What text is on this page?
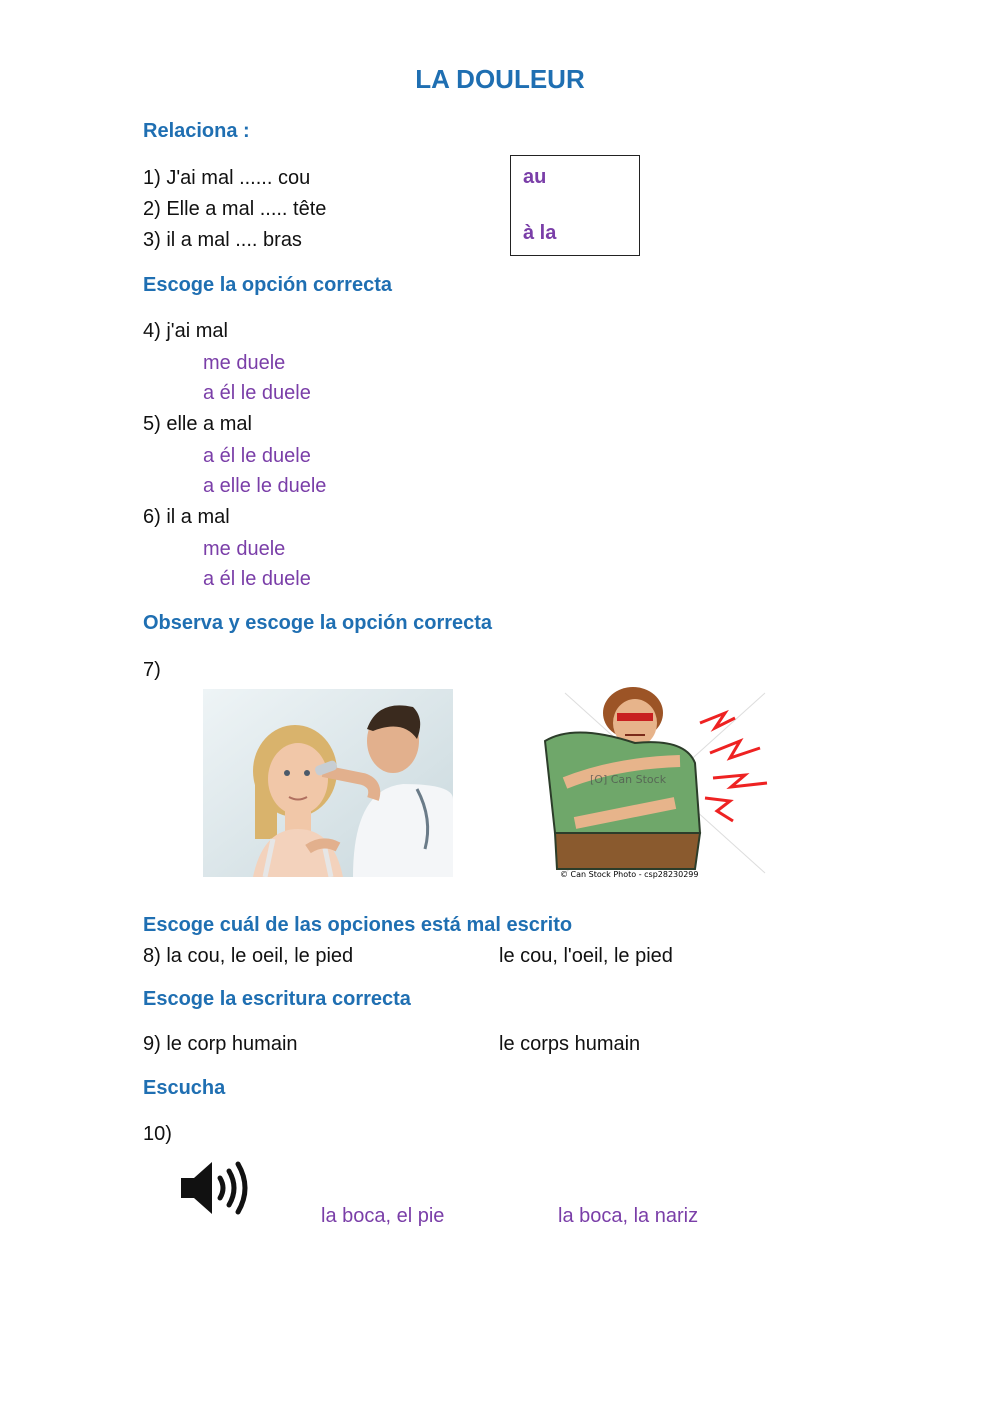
LA DOULEUR
Relaciona :
1) J'ai mal ...... cou
2) Elle a mal ..... tête
3) il a mal .... bras
au
à la
Escoge la opción correcta
4) j'ai mal
me duele
a él le duele
5) elle a mal
a él le duele
a elle le duele
6) il a mal
me duele
a él le duele
Observa y escoge la opción correcta
7)
[O] Can Stock
© Can Stock Photo - csp28230299
Escoge cuál de las opciones está mal escrito
8) la cou, le oeil, le pied	le cou, l'oeil, le pied
Escoge la escritura correcta
9) le corp humain	le corps humain
Escucha
10)
la boca, el pie	la boca, la nariz
